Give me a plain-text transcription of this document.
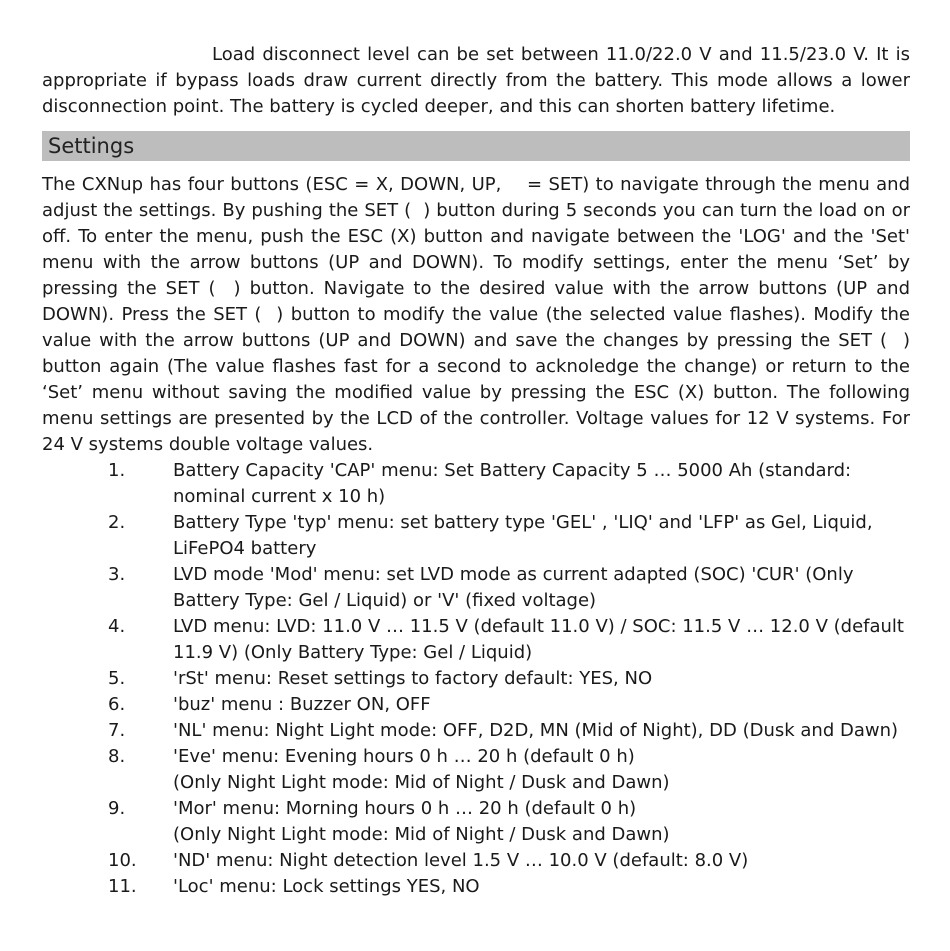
Load disconnect level can be set between 11.0/22.0 V and 11.5/23.0 V. It is appropriate if bypass loads draw current directly from the battery. This mode allows a lower disconnection point. The battery is cycled deeper, and this can shorten battery lifetime.

Settings
The CXNup has four buttons (ESC = X, DOWN, UP,    = SET) to navigate through the menu and adjust the settings. By pushing the SET (  ) button during 5 seconds you can turn the load on or off. To enter the menu, push the ESC (X) button and navigate between the 'LOG' and the 'Set' menu with the arrow buttons (UP and DOWN). To modify settings, enter the menu ‘Set’ by pressing the SET (  ) button. Navigate to the desired value with the arrow buttons (UP and DOWN). Press the SET (  ) button to modify the value (the selected value flashes). Modify the value with the arrow buttons (UP and DOWN) and save the changes by pressing the SET (  ) button again (The value flashes fast for a second to acknoledge the change) or return to the ‘Set’ menu without saving the modified value by pressing the ESC (X) button. The following menu settings are presented by the LCD of the controller. Voltage values for 12 V systems. For 24 V systems double voltage values.
1.	Battery Capacity 'CAP' menu: Set Battery Capacity 5 … 5000 Ah (standard:
nominal current x 10 h)
2.	Battery Type 'typ' menu: set battery type 'GEL' , 'LIQ' and 'LFP' as Gel, Liquid,
LiFePO4 battery
3.	LVD mode 'Mod' menu: set LVD mode as current adapted (SOC) 'CUR' (Only
Battery Type: Gel / Liquid) or 'V' (fixed voltage)
4.	LVD menu: LVD: 11.0 V … 11.5 V (default 11.0 V) / SOC: 11.5 V … 12.0 V (default
11.9 V) (Only Battery Type: Gel / Liquid)
5.	'rSt' menu: Reset settings to factory default: YES, NO
6.	'buz' menu : Buzzer ON, OFF
7.	'NL' menu: Night Light mode: OFF, D2D, MN (Mid of Night), DD (Dusk and Dawn)
8.	'Eve' menu: Evening hours 0 h … 20 h (default 0 h)
(Only Night Light mode: Mid of Night / Dusk and Dawn)
9.	'Mor' menu: Morning hours 0 h … 20 h (default 0 h)
(Only Night Light mode: Mid of Night / Dusk and Dawn)
10.	'ND' menu: Night detection level 1.5 V … 10.0 V (default: 8.0 V)
11.	'Loc' menu: Lock settings YES, NO
